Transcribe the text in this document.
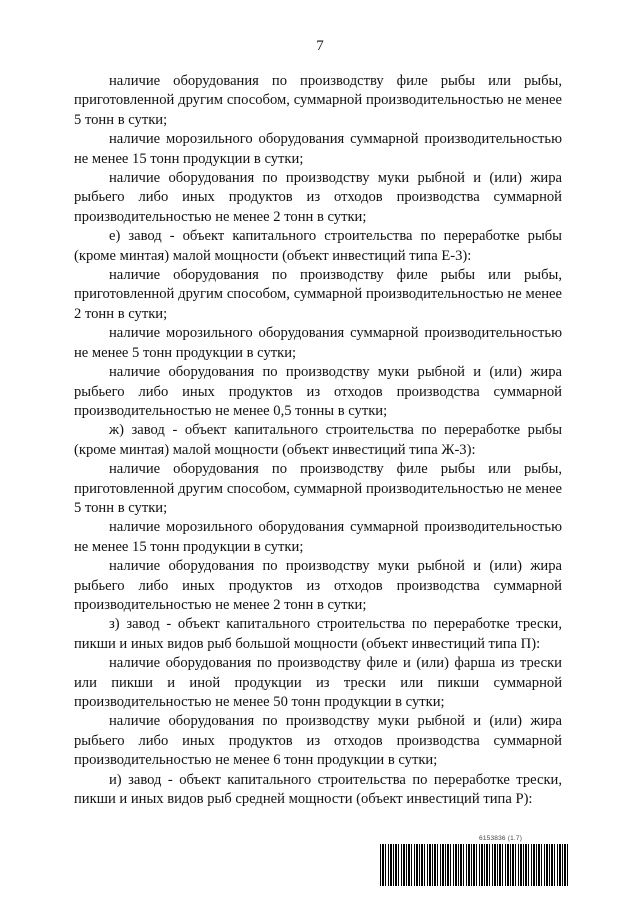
7

наличие оборудования по производству филе рыбы или рыбы, приготовленной другим способом, суммарной производительностью не менее 5 тонн в сутки;

наличие морозильного оборудования суммарной производительностью не менее 15 тонн продукции в сутки;

наличие оборудования по производству муки рыбной и (или) жира рыбьего либо иных продуктов из отходов производства суммарной производительностью не менее 2 тонн в сутки;

е) завод - объект капитального строительства по переработке рыбы (кроме минтая) малой мощности (объект инвестиций типа Е-3):

наличие оборудования по производству филе рыбы или рыбы, приготовленной другим способом, суммарной производительностью не менее 2 тонн в сутки;

наличие морозильного оборудования суммарной производительностью не менее 5 тонн продукции в сутки;

наличие оборудования по производству муки рыбной и (или) жира рыбьего либо иных продуктов из отходов производства суммарной производительностью не менее 0,5 тонны в сутки;

ж) завод - объект капитального строительства по переработке рыбы (кроме минтая) малой мощности (объект инвестиций типа Ж-3):

наличие оборудования по производству филе рыбы или рыбы, приготовленной другим способом, суммарной производительностью не менее 5 тонн в сутки;

наличие морозильного оборудования суммарной производительностью не менее 15 тонн продукции в сутки;

наличие оборудования по производству муки рыбной и (или) жира рыбьего либо иных продуктов из отходов производства суммарной производительностью не менее 2 тонн в сутки;

з) завод - объект капитального строительства по переработке трески, пикши и иных видов рыб большой мощности (объект инвестиций типа П):

наличие оборудования по производству филе и (или) фарша из трески или пикши и иной продукции из трески или пикши суммарной производительностью не менее 50 тонн продукции в сутки;

наличие оборудования по производству муки рыбной и (или) жира рыбьего либо иных продуктов из отходов производства суммарной производительностью не менее 6 тонн продукции в сутки;

и) завод - объект капитального строительства по переработке трески, пикши и иных видов рыб средней мощности (объект инвестиций типа Р):

6153836 (1.7)
